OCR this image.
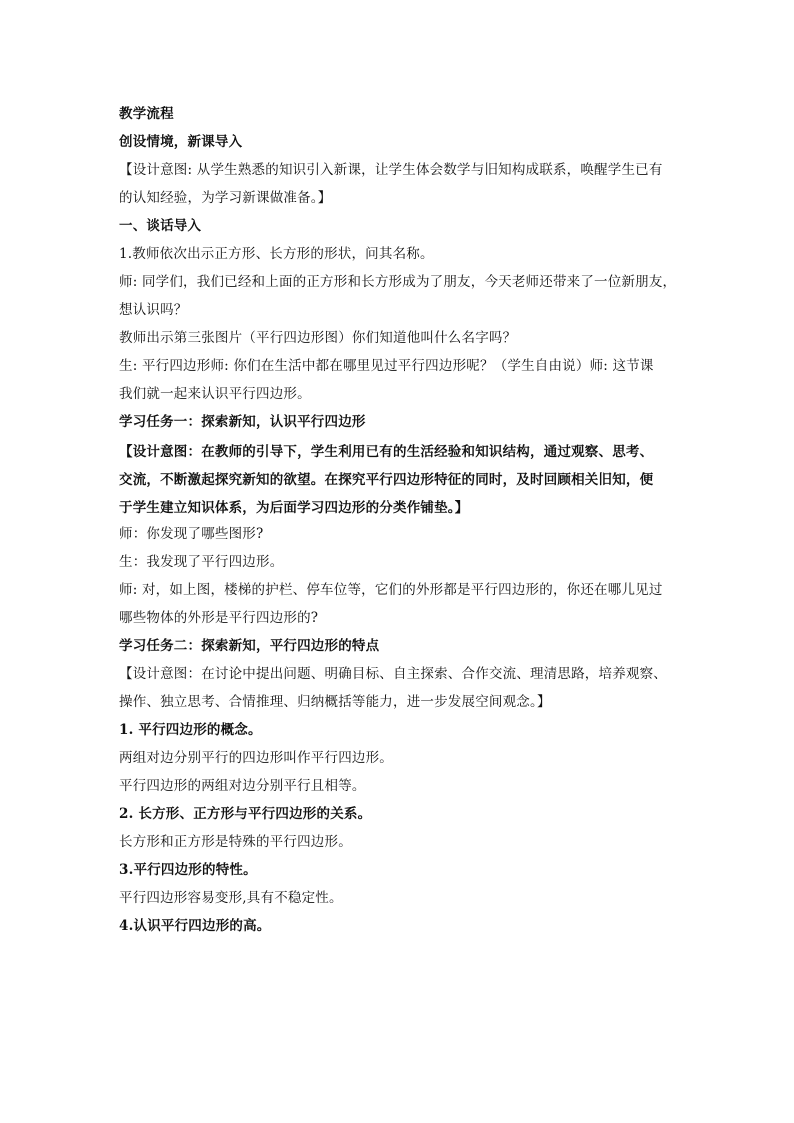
教学流程

创设情境，新课导入

【设计意图: 从学生熟悉的知识引入新课，让学生体会数学与旧知构成联系，唤醒学生已有

的认知经验，为学习新课做准备。】

一、谈话导入

1.教师依次出示正方形、长方形的形状，问其名称。

师: 同学们，我们已经和上面的正方形和长方形成为了朋友，今天老师还带来了一位新朋友，

想认识吗？

教师出示第三张图片（平行四边形图）你们知道他叫什么名字吗？

生: 平行四边形师: 你们在生活中都在哪里见过平行四边形呢？（学生自由说）师: 这节课

我们就一起来认识平行四边形。

学习任务一：探索新知，认识平行四边形

【设计意图：在教师的引导下，学生利用已有的生活经验和知识结构，通过观察、思考、

交流，不断激起探究新知的欲望。在探究平行四边形特征的同时，及时回顾相关旧知，便

于学生建立知识体系，为后面学习四边形的分类作铺垫。】

师：你发现了哪些图形?

生：我发现了平行四边形。

师: 对，如上图，楼梯的护栏、停车位等，它们的外形都是平行四边形的，你还在哪儿见过

哪些物体的外形是平行四边形的?

学习任务二：探索新知，平行四边形的特点

【设计意图：在讨论中提出问题、明确目标、自主探索、合作交流、理清思路，培养观察、

操作、独立思考、合情推理、归纳概括等能力，进一步发展空间观念。】

1. 平行四边形的概念。

两组对边分别平行的四边形叫作平行四边形。

平行四边形的两组对边分别平行且相等。

2. 长方形、正方形与平行四边形的关系。

长方形和正方形是特殊的平行四边形。

3.平行四边形的特性。

平行四边形容易变形,具有不稳定性。

4.认识平行四边形的高。
